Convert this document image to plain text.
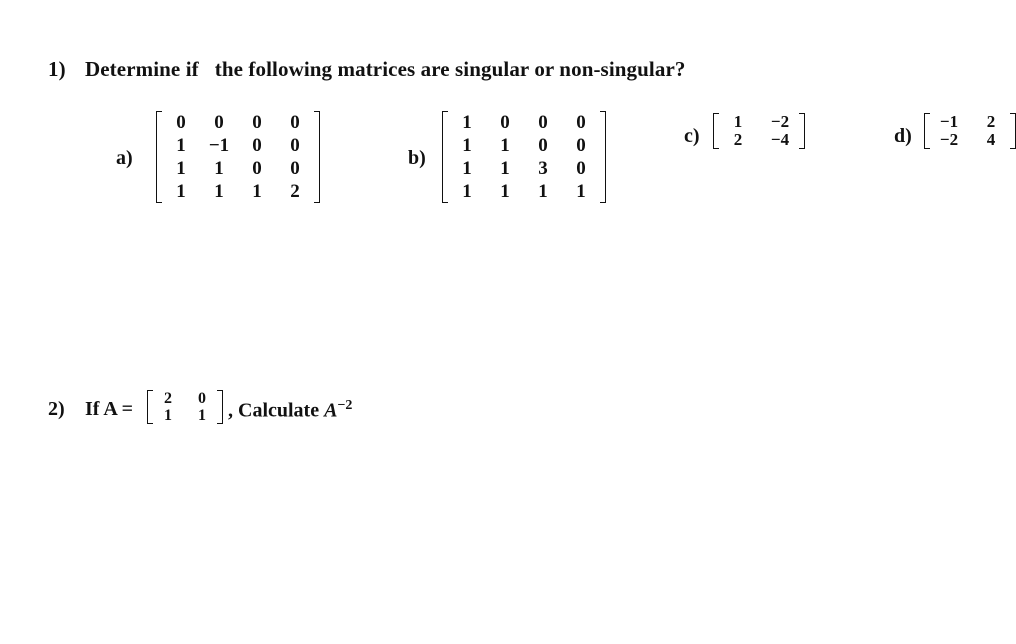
1) Determine if   the following matrices are singular or non-singular?
a)
0	0	0	0
1	−1	0	0
1	1	0	0
1	1	1	2
b)
1	0	0	0
1	1	0	0
1	1	3	0
1	1	1	1
c)
1	−2
2	−4	d)
−1	2
−2	4
2) If A =	2	0
1	1	, Calculate $A^{-2}$
